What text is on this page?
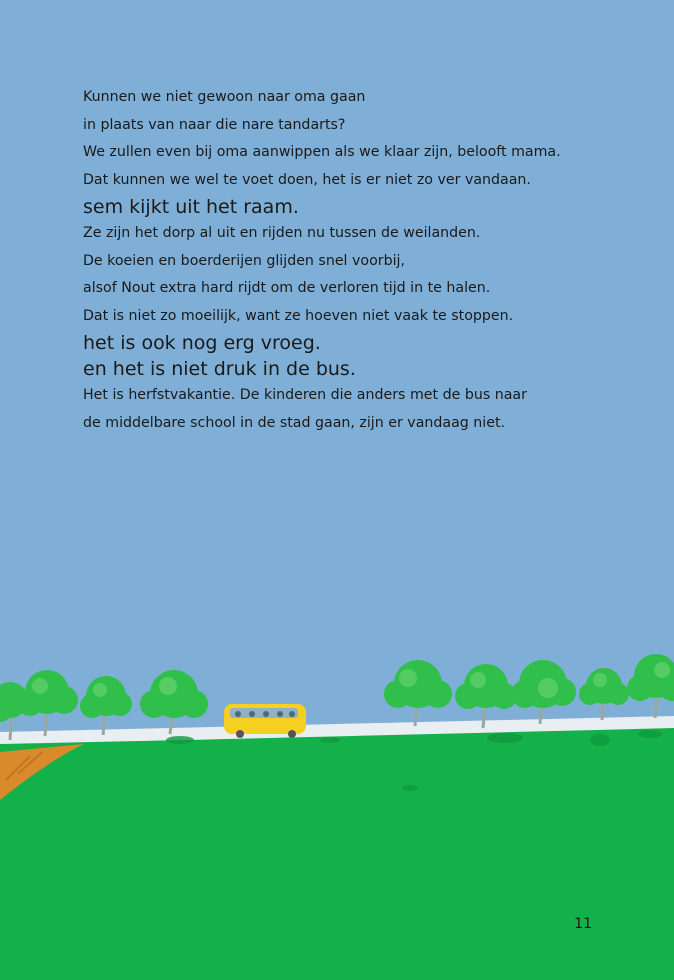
Kunnen we niet gewoon naar oma gaan
in plaats van naar die nare tandarts?
We zullen even bij oma aanwippen als we klaar zijn, belooft mama.
Dat kunnen we wel te voet doen, het is er niet zo ver vandaan.
sem kijkt uit het raam.
Ze zijn het dorp al uit en rijden nu tussen de weilanden.
De koeien en boerderijen glijden snel voorbij,
alsof Nout extra hard rijdt om de verloren tijd in te halen.
Dat is niet zo moeilijk, want ze hoeven niet vaak te stoppen.
het is ook nog erg vroeg.
en het is niet druk in de bus.
Het is herfstvakantie. De kinderen die anders met de bus naar
de middelbare school in de stad gaan, zijn er vandaag niet.
11
